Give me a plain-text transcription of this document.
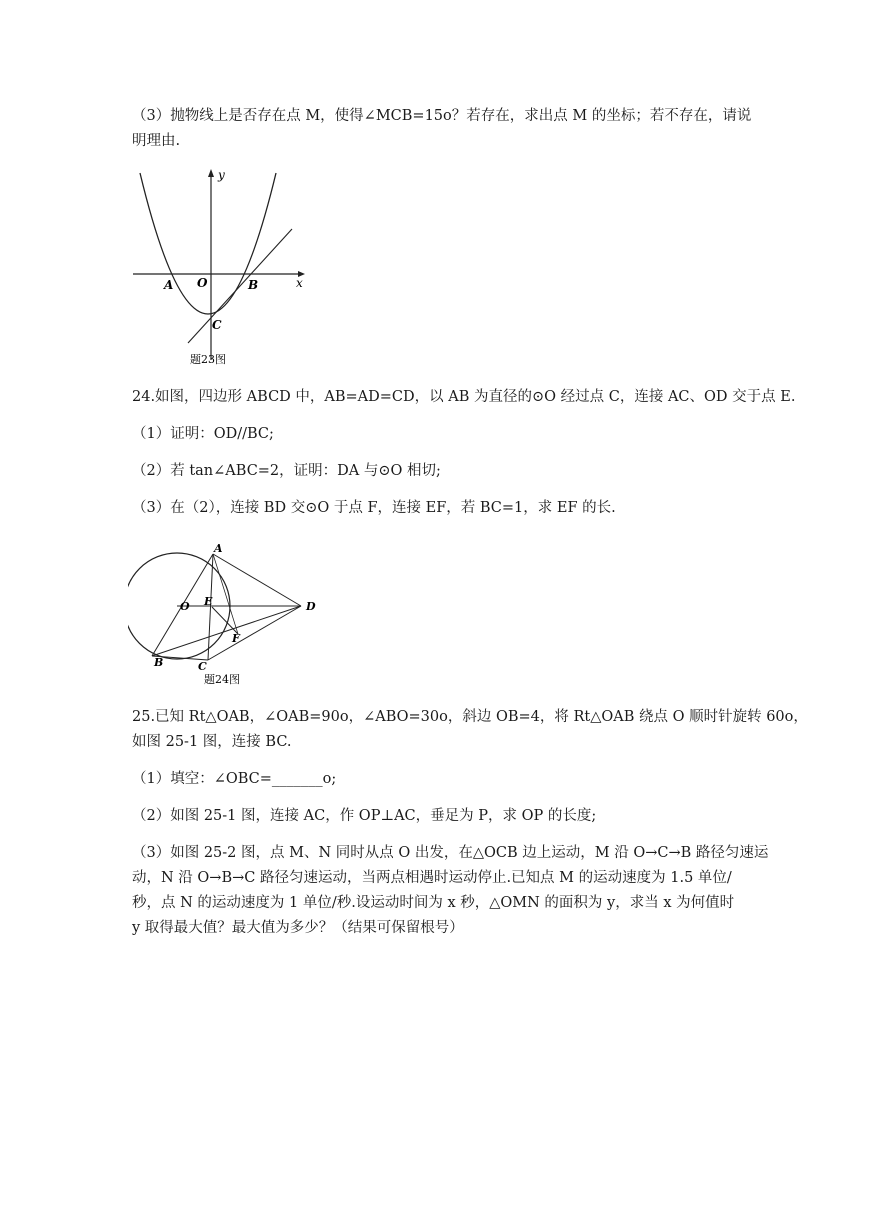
（3）抛物线上是否存在点 M，使得∠MCB=15o？若存在，求出点 M 的坐标；若不存在，请说
明理由.
y
x
A O	B
C
题23图
24.如图，四边形 ABCD 中，AB=AD=CD，以 AB 为直径的⊙O 经过点 C，连接 AC、OD 交于点 E.
（1）证明：OD//BC;
（2）若 tan∠ABC=2，证明：DA 与⊙O 相切;
（3）在（2），连接 BD 交⊙O 于点 F，连接 EF，若 BC=1，求 EF 的长.
A
O E	D
F
B	C
题24图
25.已知 Rt△OAB，∠OAB=90o，∠ABO=30o，斜边 OB=4，将 Rt△OAB 绕点 O 顺时针旋转 60o，
如图 25-1 图，连接 BC.
（1）填空：∠OBC=_______o;
（2）如图 25-1 图，连接 AC，作 OP⊥AC，垂足为 P，求 OP 的长度;
（3）如图 25-2 图，点 M、N 同时从点 O 出发，在△OCB 边上运动，M 沿 O→C→B 路径匀速运
动，N 沿 O→B→C 路径匀速运动，当两点相遇时运动停止.已知点 M 的运动速度为 1.5 单位/
秒，点 N 的运动速度为 1 单位/秒.设运动时间为 x 秒，△OMN 的面积为 y，求当 x 为何值时
y 取得最大值？最大值为多少？（结果可保留根号）
